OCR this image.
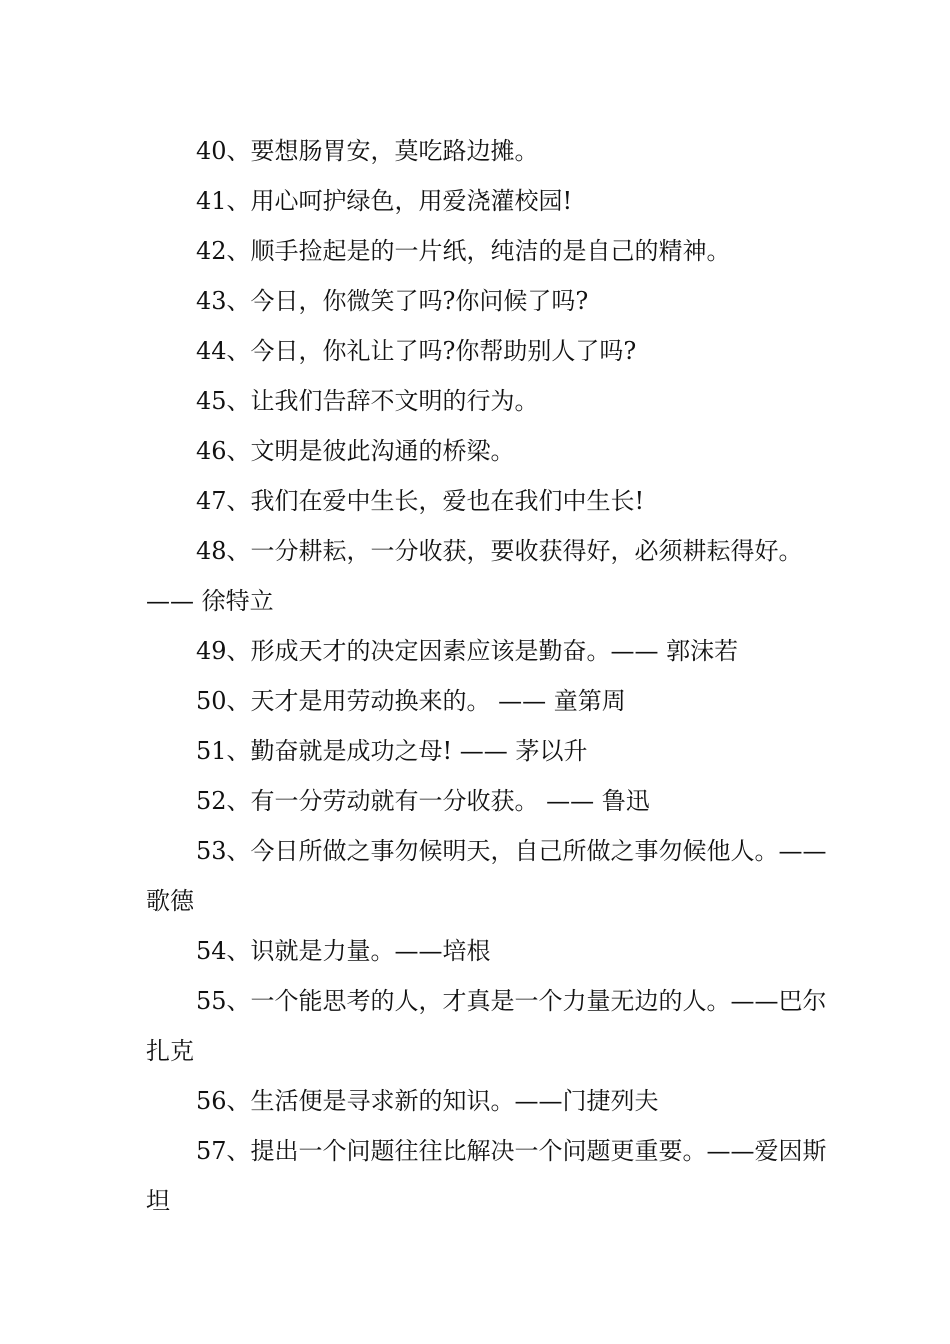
40、要想肠胃安，莫吃路边摊。

41、用心呵护绿色，用爱浇灌校园!

42、顺手捡起是的一片纸，纯洁的是自己的精神。

43、今日，你微笑了吗?你问候了吗?

44、今日，你礼让了吗?你帮助别人了吗?

45、让我们告辞不文明的行为。

46、文明是彼此沟通的桥梁。

47、我们在爱中生长，爱也在我们中生长!

48、一分耕耘，一分收获，要收获得好，必须耕耘得好。 —— 徐特立

49、形成天才的决定因素应该是勤奋。—— 郭沫若

50、天才是用劳动换来的。 —— 童第周

51、勤奋就是成功之母! —— 茅以升

52、有一分劳动就有一分收获。 —— 鲁迅

53、今日所做之事勿候明天，自己所做之事勿候他人。——歌德

54、识就是力量。——培根

55、一个能思考的人，才真是一个力量无边的人。——巴尔扎克

56、生活便是寻求新的知识。——门捷列夫

57、提出一个问题往往比解决一个问题更重要。——爱因斯坦
